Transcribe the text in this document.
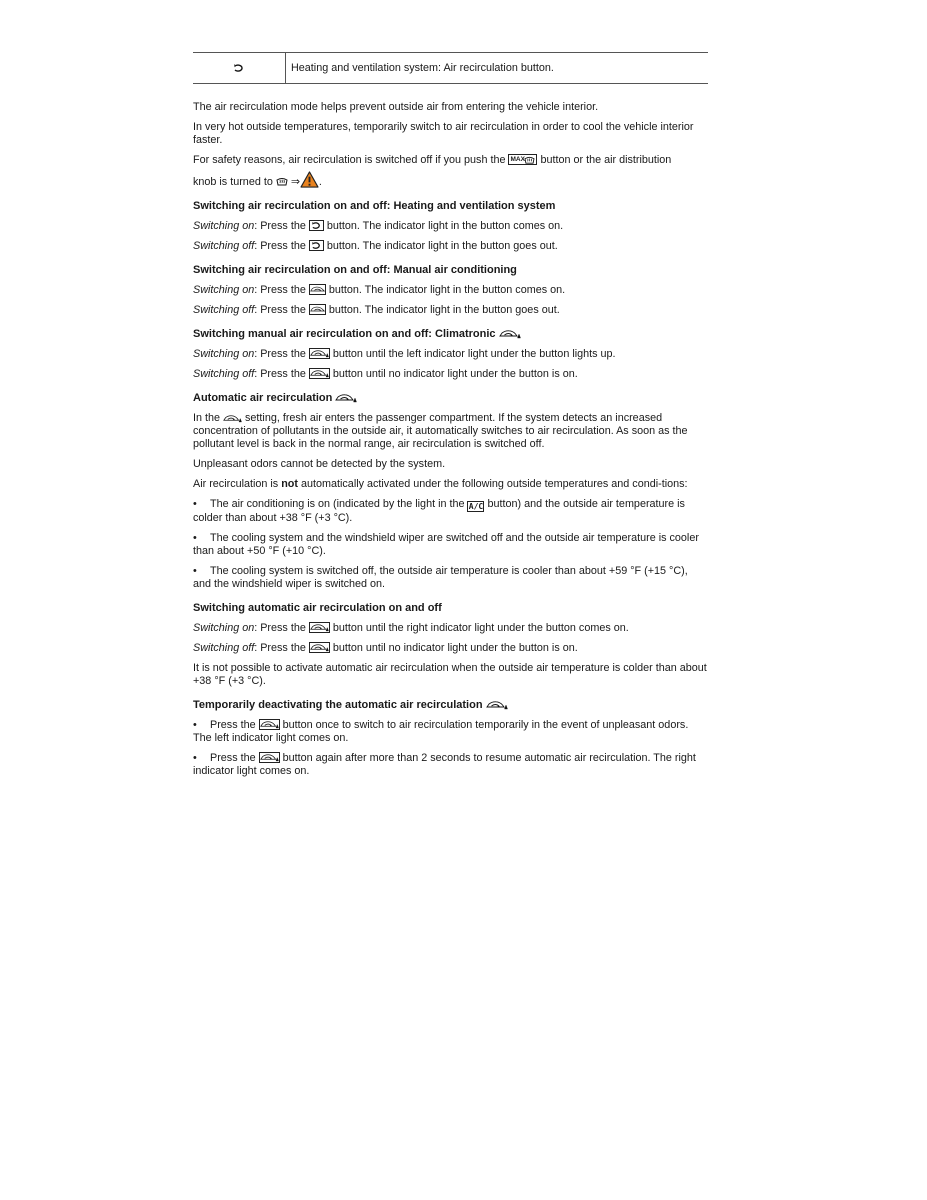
Heating and ventilation system: Air recirculation button.

The air recirculation mode helps prevent outside air from entering the vehicle interior.

In very hot outside temperatures, temporarily switch to air recirculation in order to cool the vehicle interior faster.

For safety reasons, air recirculation is switched off if you push the MAX button or the air distribution

knob is turned to ⇒ .

Switching air recirculation on and off: Heating and ventilation system

Switching on: Press the button. The indicator light in the button comes on.

Switching off: Press the button. The indicator light in the button goes out.

Switching air recirculation on and off: Manual air conditioning

Switching on: Press the button. The indicator light in the button comes on.

Switching off: Press the button. The indicator light in the button goes out.

Switching manual air recirculation on and off: Climatronic

Switching on: Press the	button until the left indicator light under the button lights up.

Switching off: Press the	button until no indicator light under the button is on.

Automatic air recirculation

In the setting, fresh air enters the passenger compartment. If the system detects an increased concentration of pollutants in the outside air, it automatically switches to air recirculation. As soon as the pollutant level is back in the normal range, air recirculation is switched off.

Unpleasant odors cannot be detected by the system.

Air recirculation is not automatically activated under the following outside temperatures and condi-tions:

• The air conditioning is on (indicated by the light in the A/C button) and the outside air temperature is colder than about +38 °F (+3 °C).

• The cooling system and the windshield wiper are switched off and the outside air temperature is cooler than about +50 °F (+10 °C).

• The cooling system is switched off, the outside air temperature is cooler than about +59 °F (+15 °C), and the windshield wiper is switched on.

Switching automatic air recirculation on and off

Switching on: Press the	button until the right indicator light under the button comes on.

Switching off: Press the	button until no indicator light under the button is on.

It is not possible to activate automatic air recirculation when the outside air temperature is colder than about +38 °F (+3 °C).

Temporarily deactivating the automatic air recirculation

• Press the	button once to switch to air recirculation temporarily in the event of unpleasant odors. The left indicator light comes on.

• Press the	button again after more than 2 seconds to resume automatic air recirculation. The right indicator light comes on.
